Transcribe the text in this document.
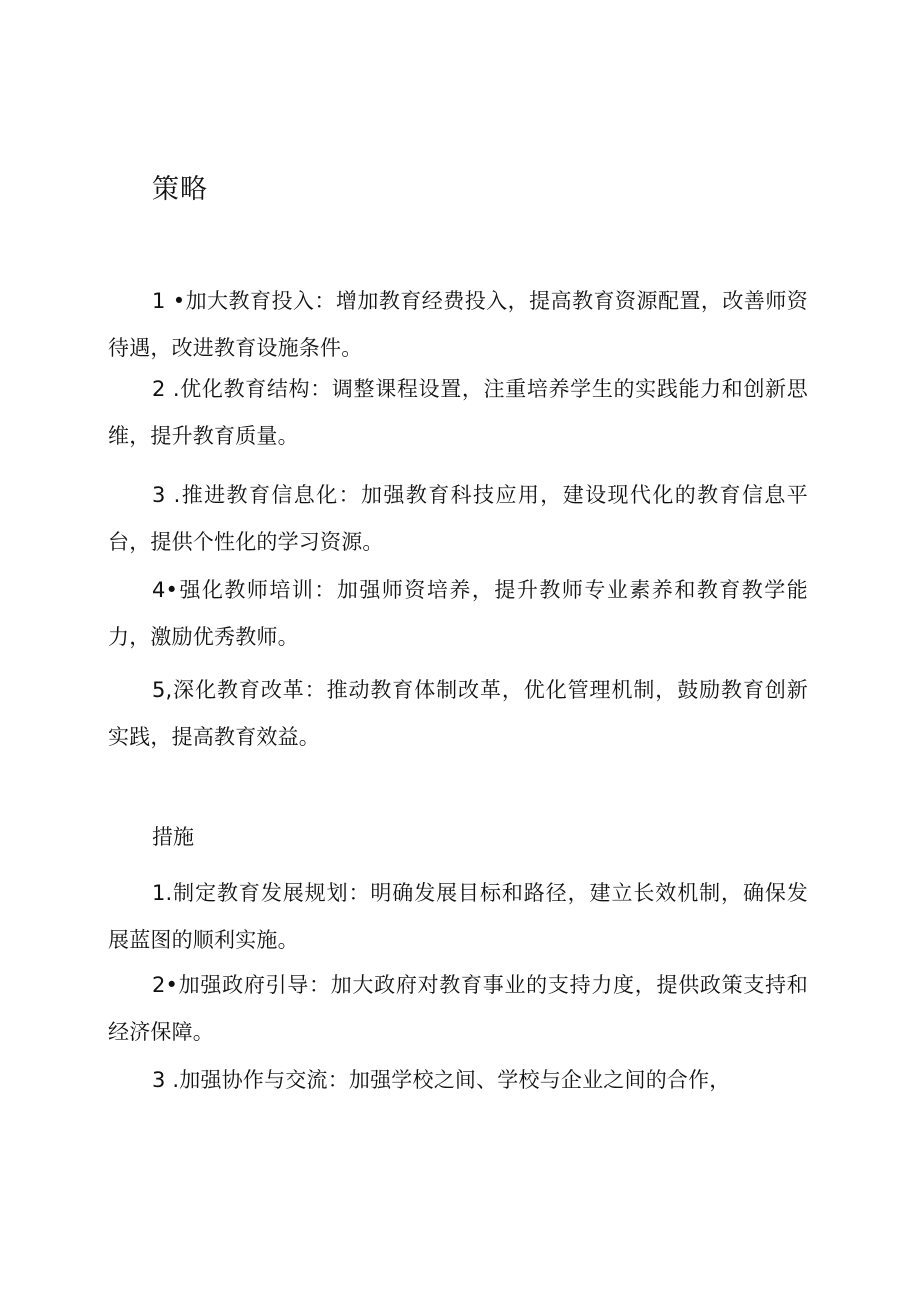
策略

1 •加大教育投入：增加教育经费投入，提高教育资源配置，改善师资待遇，改进教育设施条件。

2 .优化教育结构：调整课程设置，注重培养学生的实践能力和创新思维，提升教育质量。

3 .推进教育信息化：加强教育科技应用，建设现代化的教育信息平台，提供个性化的学习资源。

4•强化教师培训：加强师资培养，提升教师专业素养和教育教学能力，激励优秀教师。

5,深化教育改革：推动教育体制改革，优化管理机制，鼓励教育创新实践，提高教育效益。

措施

1.制定教育发展规划：明确发展目标和路径，建立长效机制，确保发展蓝图的顺利实施。

2•加强政府引导：加大政府对教育事业的支持力度，提供政策支持和经济保障。

3 .加强协作与交流：加强学校之间、学校与企业之间的合作，
